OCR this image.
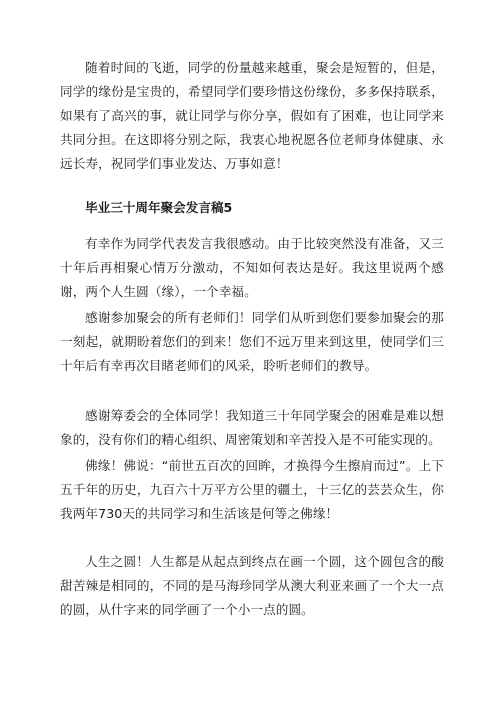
随着时间的飞逝，同学的份量越来越重，聚会是短暂的，但是，同学的缘份是宝贵的，希望同学们要珍惜这份缘份，多多保持联系，如果有了高兴的事，就让同学与你分享，假如有了困难，也让同学来共同分担。在这即将分别之际，我衷心地祝愿各位老师身体健康、永远长寿，祝同学们事业发达、万事如意！

毕业三十周年聚会发言稿5

有幸作为同学代表发言我很感动。由于比较突然没有准备，又三十年后再相聚心情万分激动，不知如何表达是好。我这里说两个感谢，两个人生圆（缘），一个幸福。

感谢参加聚会的所有老师们！同学们从听到您们要参加聚会的那一刻起，就期盼着您们的到来！您们不远万里来到这里，使同学们三十年后有幸再次目睹老师们的风采，聆听老师们的教导。

感谢筹委会的全体同学！我知道三十年同学聚会的困难是难以想象的，没有你们的精心组织、周密策划和辛苦投入是不可能实现的。

佛缘！佛说：“前世五百次的回眸，才换得今生擦肩而过”。上下五千年的历史，九百六十万平方公里的疆土，十三亿的芸芸众生，你我两年730天的共同学习和生活该是何等之佛缘！

人生之圆！人生都是从起点到终点在画一个圆，这个圆包含的酸甜苦辣是相同的，不同的是马海珍同学从澳大利亚来画了一个大一点的圆，从什字来的同学画了一个小一点的圆。
